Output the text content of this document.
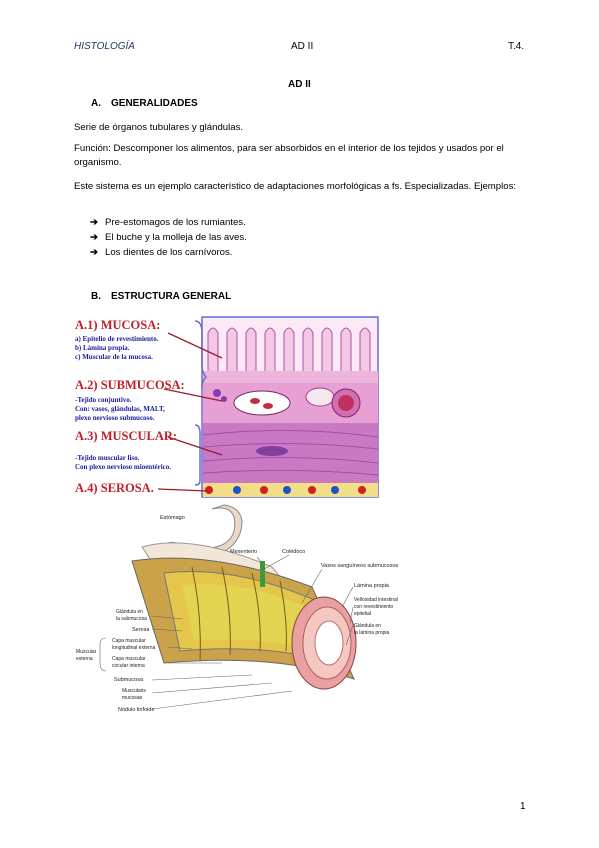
HISTOLOGÍA	AD II	T.4.
AD II
A. GENERALIDADES
Serie de órganos tubulares y glándulas.
Función: Descomponer los alimentos, para ser absorbidos en el interior de los tejidos y usados por el organismo.
Este sistema es un ejemplo característico de adaptaciones morfológicas a fs. Especializadas. Ejemplos:
➔ Pre-estomagos de los rumiantes.
➔ El buche y la molleja de las aves.
➔ Los dientes de los carnívoros.
B. ESTRUCTURA GENERAL
A.1) MUCOSA:
a) Epitelio de revestimiento.
b) Lámina propia.
c) Muscular de la mucosa.
A.2) SUBMUCOSA:
-Tejido conjuntivo.
Con: vasos, glándulas, MALT,
plexo nervioso submucoso.
A.3) MUSCULAR:
-Tejido muscular liso.
Con plexo nervioso mioentérico.
A.4) SEROSA.
Estómago
Mesenterio	Colédoco
Vasos sanguíneos submucosos
Lámina propia
Vellosidad intestinal
con revestimiento
epitelial
Glándula en
la lámina propia
Glándula en
la submucosa
Serosa
Muscular
externa
Capa muscular
longitudinal externa
Capa muscular
circular interna
Submucosa
Muscularis
mucosae
Nódulo linfoide
1
